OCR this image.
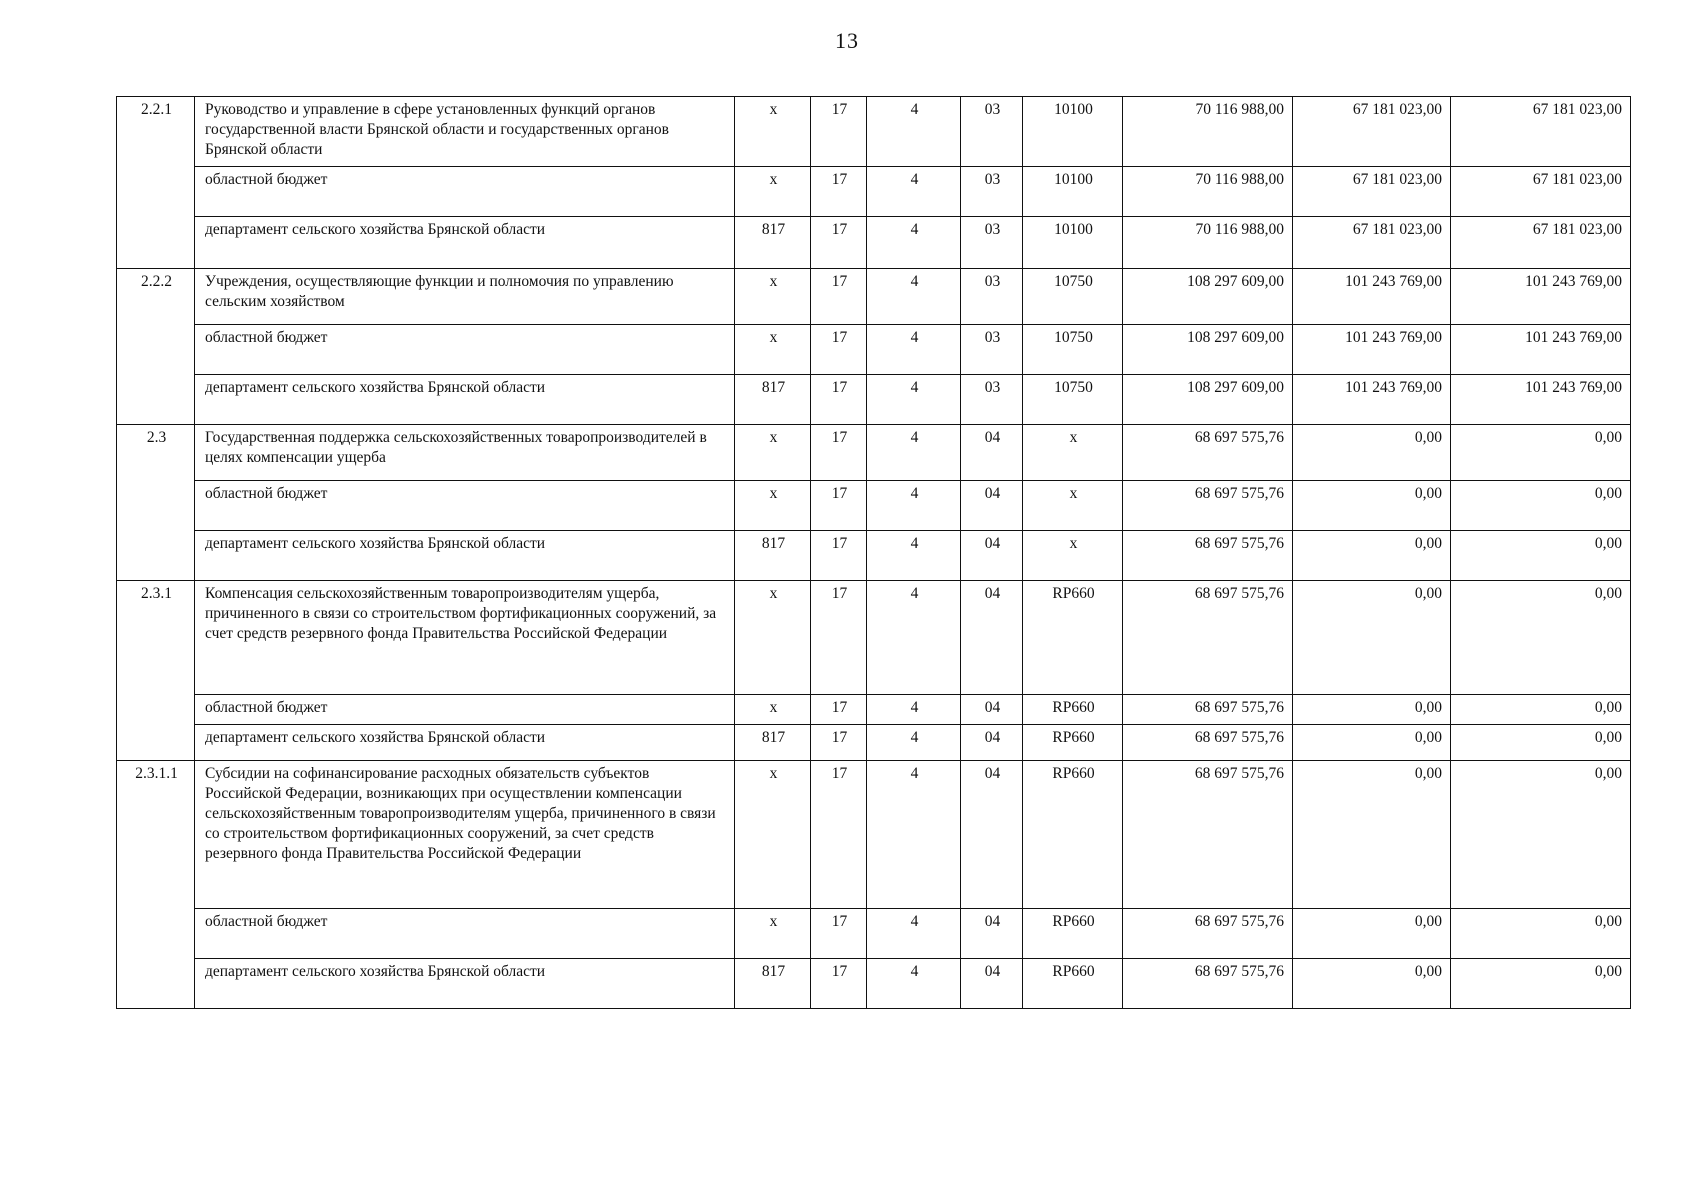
13
2.2.1	Руководство и управление в сфере установленных функций органов государственной власти Брянской области и государственных органов Брянской области	х	17	4	03	10100	70 116 988,00	67 181 023,00	67 181 023,00
	областной бюджет	х	17	4	03	10100	70 116 988,00	67 181 023,00	67 181 023,00
	департамент сельского хозяйства Брянской области	817	17	4	03	10100	70 116 988,00	67 181 023,00	67 181 023,00
2.2.2	Учреждения, осуществляющие функции и полномочия по управлению сельским хозяйством	х	17	4	03	10750	108 297 609,00	101 243 769,00	101 243 769,00
	областной бюджет	х	17	4	03	10750	108 297 609,00	101 243 769,00	101 243 769,00
	департамент сельского хозяйства Брянской области	817	17	4	03	10750	108 297 609,00	101 243 769,00	101 243 769,00
2.3	Государственная поддержка сельскохозяйственных товаропроизводителей в целях компенсации ущерба	х	17	4	04	х	68 697 575,76	0,00	0,00
	областной бюджет	х	17	4	04	х	68 697 575,76	0,00	0,00
	департамент сельского хозяйства Брянской области	817	17	4	04	х	68 697 575,76	0,00	0,00
2.3.1	Компенсация сельскохозяйственным товаропроизводителям ущерба, причиненного в связи со строительством фортификационных сооружений, за счет средств резервного фонда Правительства Российской Федерации	х	17	4	04	RP660	68 697 575,76	0,00	0,00
	областной бюджет	х	17	4	04	RP660	68 697 575,76	0,00	0,00
	департамент сельского хозяйства Брянской области	817	17	4	04	RP660	68 697 575,76	0,00	0,00
2.3.1.1	Субсидии на софинансирование расходных обязательств субъектов Российской Федерации, возникающих при осуществлении компенсации сельскохозяйственным товаропроизводителям ущерба, причиненного в связи со строительством фортификационных сооружений, за счет средств резервного фонда Правительства Российской Федерации	х	17	4	04	RP660	68 697 575,76	0,00	0,00
	областной бюджет	х	17	4	04	RP660	68 697 575,76	0,00	0,00
	департамент сельского хозяйства Брянской области	817	17	4	04	RP660	68 697 575,76	0,00	0,00
